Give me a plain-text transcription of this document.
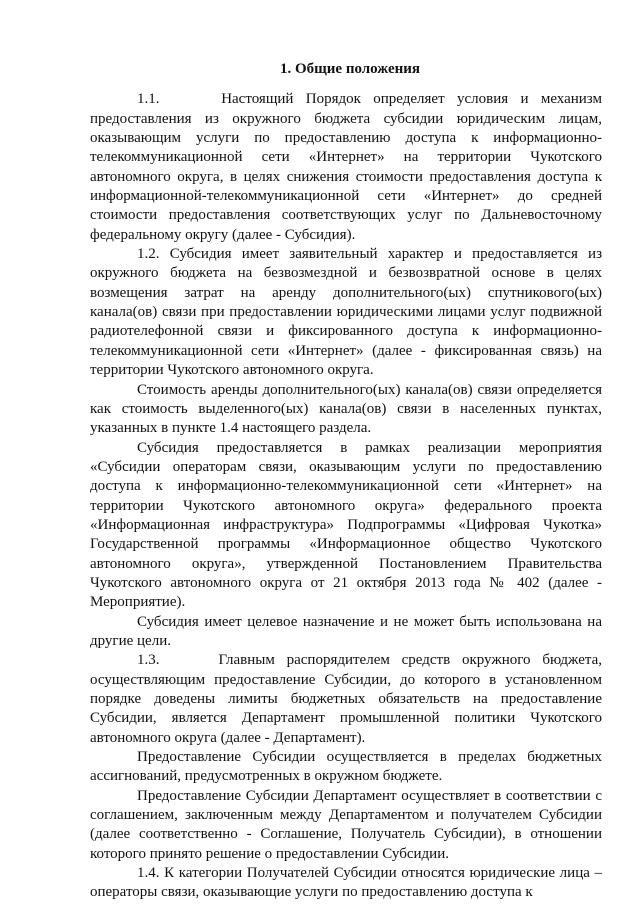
1. Общие положения

1.1.     Настоящий Порядок определяет условия и механизм предоставления из окружного бюджета субсидии юридическим лицам, оказывающим услуги по предоставлению доступа к информационно-телекоммуникационной сети «Интернет» на территории Чукотского автономного округа, в целях снижения стоимости предоставления доступа к информационной-телекоммуникационной сети «Интернет» до средней стоимости предоставления соответствующих услуг по Дальневосточному федеральному округу (далее - Субсидия).

1.2. Субсидия имеет заявительный характер и предоставляется из окружного бюджета на безвозмездной и безвозвратной основе в целях возмещения затрат на аренду дополнительного(ых) спутникового(ых) канала(ов) связи при предоставлении юридическими лицами услуг подвижной радиотелефонной связи и фиксированного доступа к информационно-телекоммуникационной сети «Интернет» (далее - фиксированная связь) на территории Чукотского автономного округа.

Стоимость аренды дополнительного(ых) канала(ов) связи определяется как стоимость выделенного(ых) канала(ов) связи в населенных пунктах, указанных в пункте 1.4 настоящего раздела.

Субсидия предоставляется в рамках реализации мероприятия «Субсидии операторам связи, оказывающим услуги по предоставлению доступа к информационно-телекоммуникационной сети «Интернет» на территории Чукотского автономного округа» федерального проекта «Информационная инфраструктура» Подпрограммы «Цифровая Чукотка» Государственной программы «Информационное общество Чукотского автономного округа», утвержденной Постановлением Правительства Чукотского автономного округа от 21 октября 2013 года № 402 (далее - Мероприятие).

Субсидия имеет целевое назначение и не может быть использована на другие цели.

1.3.     Главным распорядителем средств окружного бюджета, осуществляющим предоставление Субсидии, до которого в установленном порядке доведены лимиты бюджетных обязательств на предоставление Субсидии, является Департамент промышленной политики Чукотского автономного округа (далее - Департамент).

Предоставление Субсидии осуществляется в пределах бюджетных ассигнований, предусмотренных в окружном бюджете.

Предоставление Субсидии Департамент осуществляет в соответствии с соглашением, заключенным между Департаментом и получателем Субсидии (далее соответственно - Соглашение, Получатель Субсидии), в отношении которого принято решение о предоставлении Субсидии.

1.4. К категории Получателей Субсидии относятся юридические лица – операторы связи, оказывающие услуги по предоставлению доступа к
